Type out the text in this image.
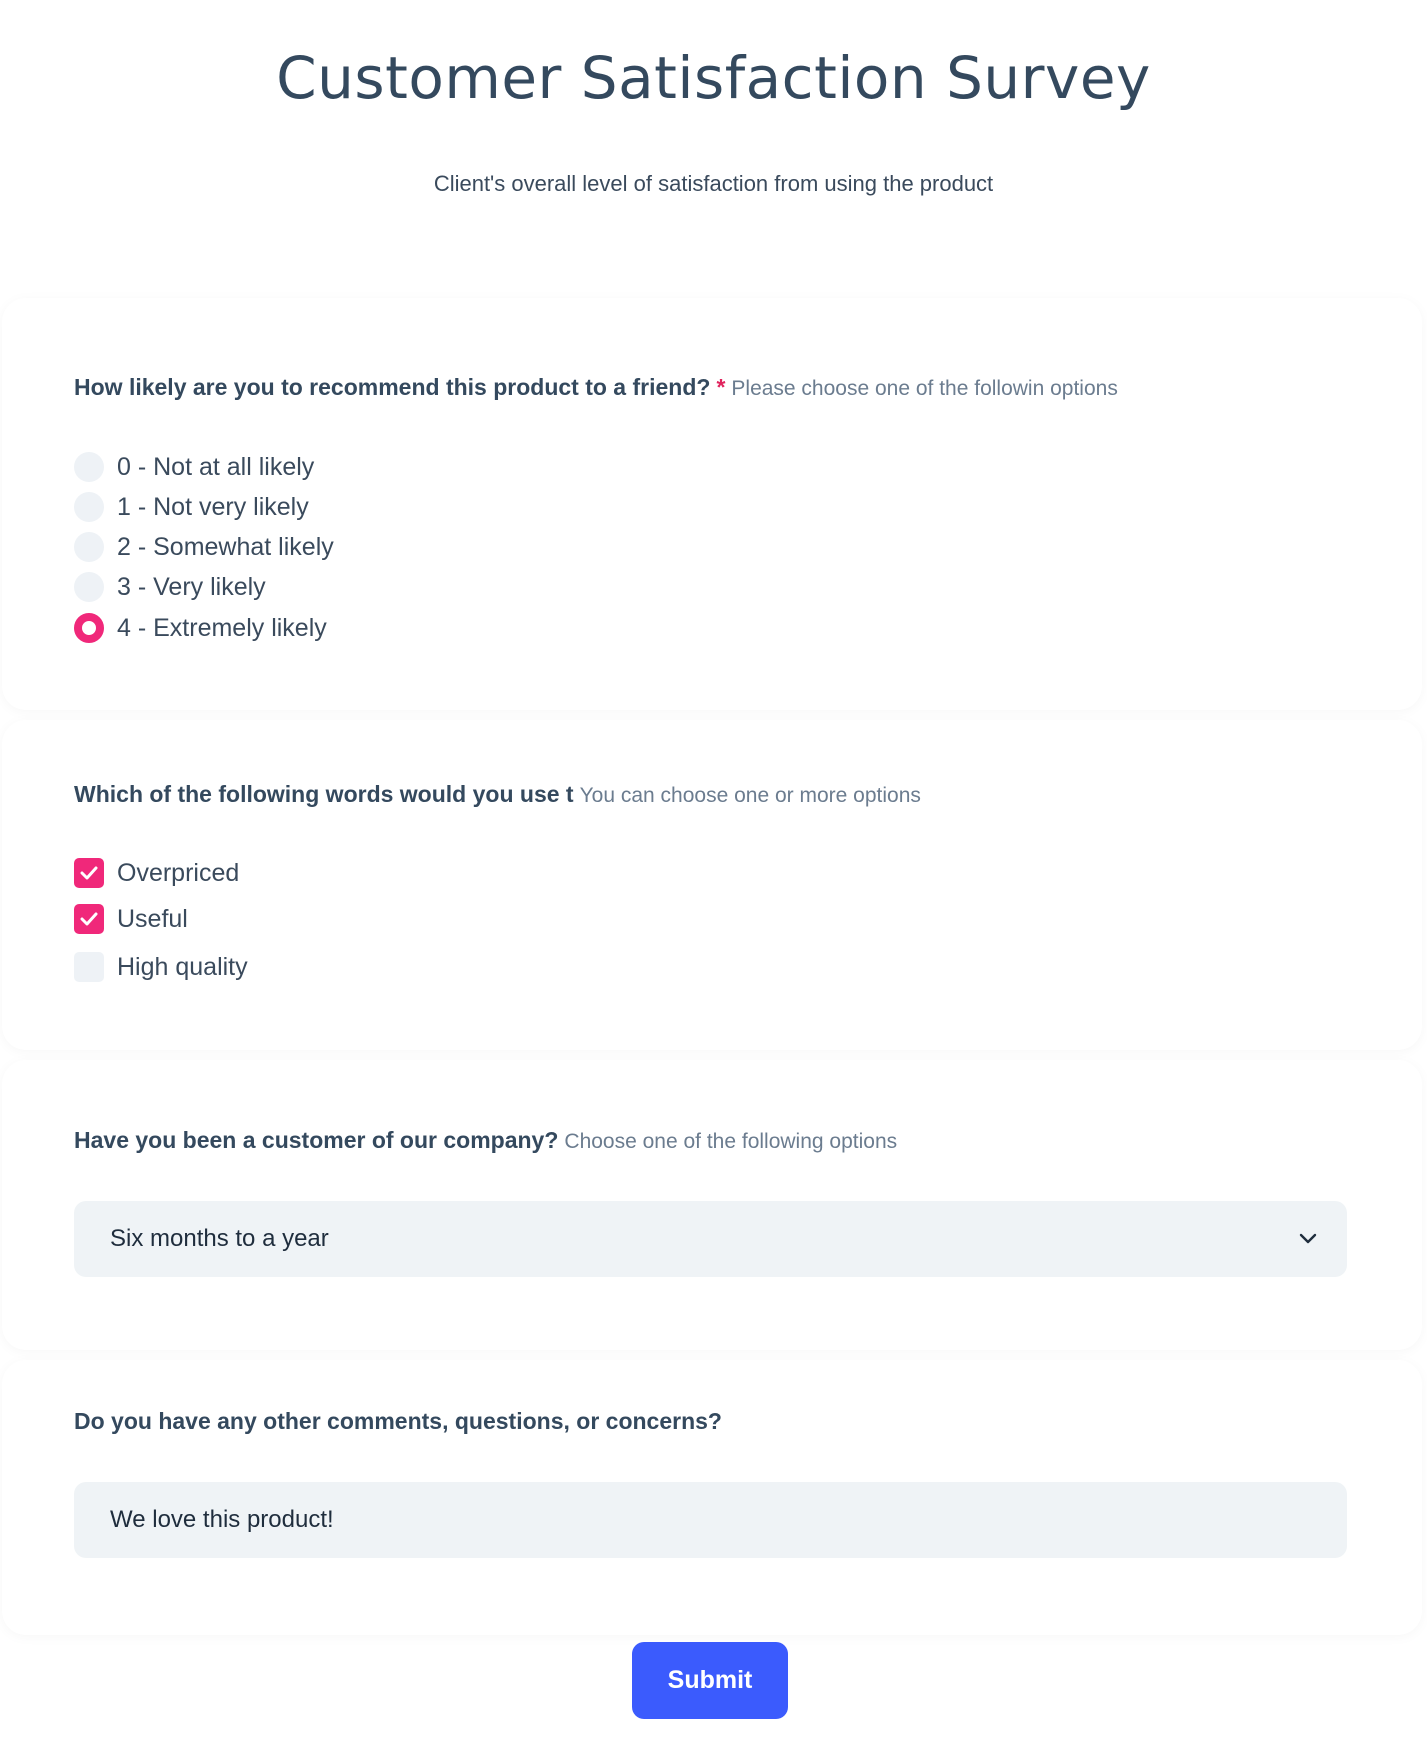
Customer Satisfaction Survey
Client's overall level of satisfaction from using the product
How likely are you to recommend this product to a friend? * Please choose one of the followin options
0 - Not at all likely
1 - Not very likely
2 - Somewhat likely
3 - Very likely
4 - Extremely likely
Which of the following words would you use t You can choose one or more options
Overpriced
Useful
High quality
Have you been a customer of our company? Choose one of the following options
Six months to a year
Do you have any other comments, questions, or concerns?
We love this product!
Submit
